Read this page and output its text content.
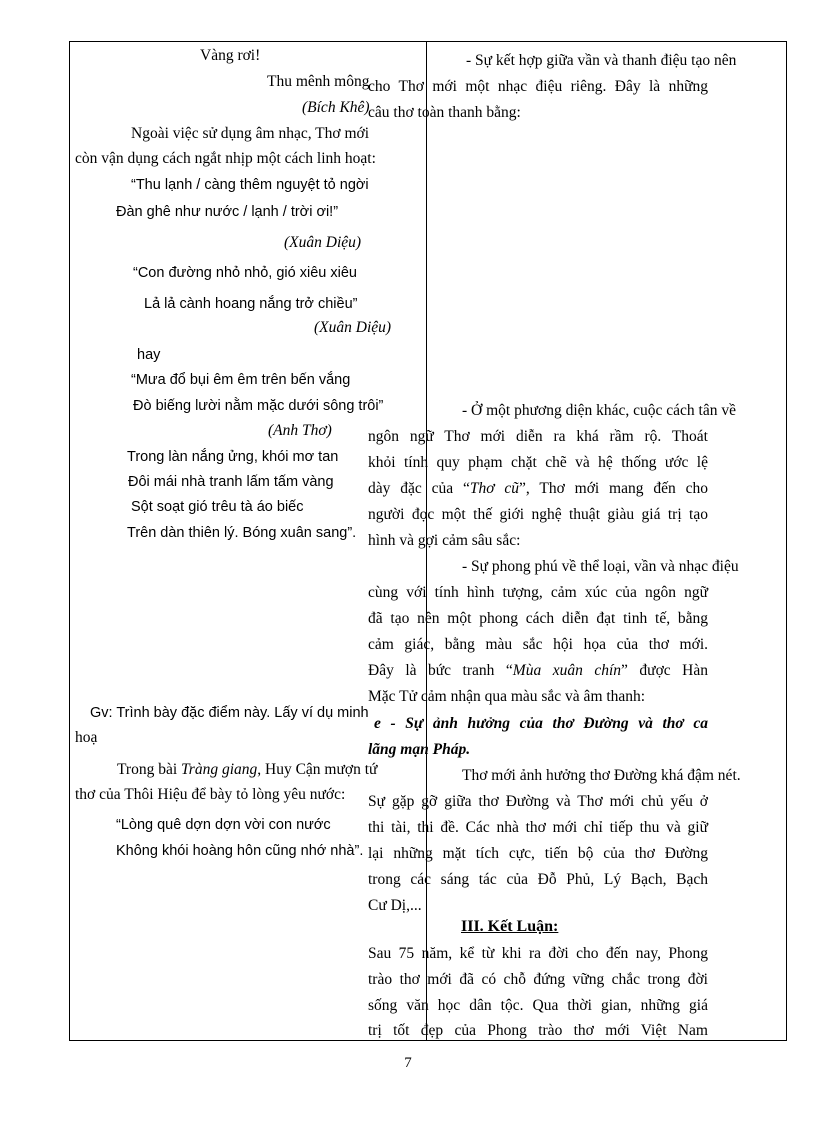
Vàng rơi!
Thu mênh mông
(Bích Khê)
Ngoài việc sử dụng âm nhạc, Thơ mới
còn vận dụng cách ngắt nhịp một cách linh hoạt:
“Thu lạnh / càng thêm nguyệt tỏ ngời
Đàn ghê như nước / lạnh / trời ơi!”
(Xuân Diệu)
“Con đường nhỏ nhỏ, gió xiêu xiêu
Lả lả cành hoang nắng trở chiều”
(Xuân Diệu)
hay
“Mưa đổ bụi êm êm trên bến vắng
Đò biếng lười nằm mặc dưới sông trôi”
(Anh Thơ)
Trong làn nắng ửng, khói mơ tan
Đôi mái nhà tranh lấm tấm vàng
Sột soạt gió trêu tà áo biếc
Trên dàn thiên lý. Bóng xuân sang”.
Gv: Trình bày đặc điểm này. Lấy ví dụ minh
hoạ
Trong bài Tràng giang, Huy Cận mượn tứ
thơ của Thôi Hiệu để bày tỏ lòng yêu nước:
“Lòng quê dợn dợn vời con nước
Không khói hoàng hôn cũng nhớ nhà”.
- Sự kết hợp giữa vần và thanh điệu tạo nên
cho Thơ mới một nhạc điệu riêng. Đây là những
câu thơ toàn thanh bằng:
- Ở một phương diện khác, cuộc cách tân về
ngôn ngữ Thơ mới diễn ra khá rầm rộ. Thoát
khỏi tính quy phạm chặt chẽ và hệ thống ước lệ
dày đặc của “Thơ cũ”, Thơ mới mang đến cho
người đọc một thế giới nghệ thuật giàu giá trị tạo
hình và gợi cảm sâu sắc:
- Sự phong phú về thể loại, vần và nhạc điệu
cùng với tính hình tượng, cảm xúc của ngôn ngữ
đã tạo nên một phong cách diễn đạt tinh tế, bằng
cảm giác, bằng màu sắc hội họa của thơ mới.
Đây là bức tranh “Mùa xuân chín” được Hàn
Mặc Tử cảm nhận qua màu sắc và âm thanh:
e - Sự ảnh hưởng của thơ Đường và thơ ca
lãng mạn Pháp.
Thơ mới ảnh hưởng thơ Đường khá đậm nét.
Sự gặp gỡ giữa thơ Đường và Thơ mới chủ yếu ở
thi tài, thi đề. Các nhà thơ mới chỉ tiếp thu và giữ
lại những mặt tích cực, tiến bộ của thơ Đường
trong các sáng tác của Đỗ Phủ, Lý Bạch, Bạch
Cư Dị,...
III. Kết Luận:
Sau 75 năm, kể từ khi ra đời cho đến nay, Phong
trào thơ mới đã có chỗ đứng vững chắc trong đời
sống văn học dân tộc. Qua thời gian, những giá
trị tốt đẹp của Phong trào thơ mới Việt Nam
7
